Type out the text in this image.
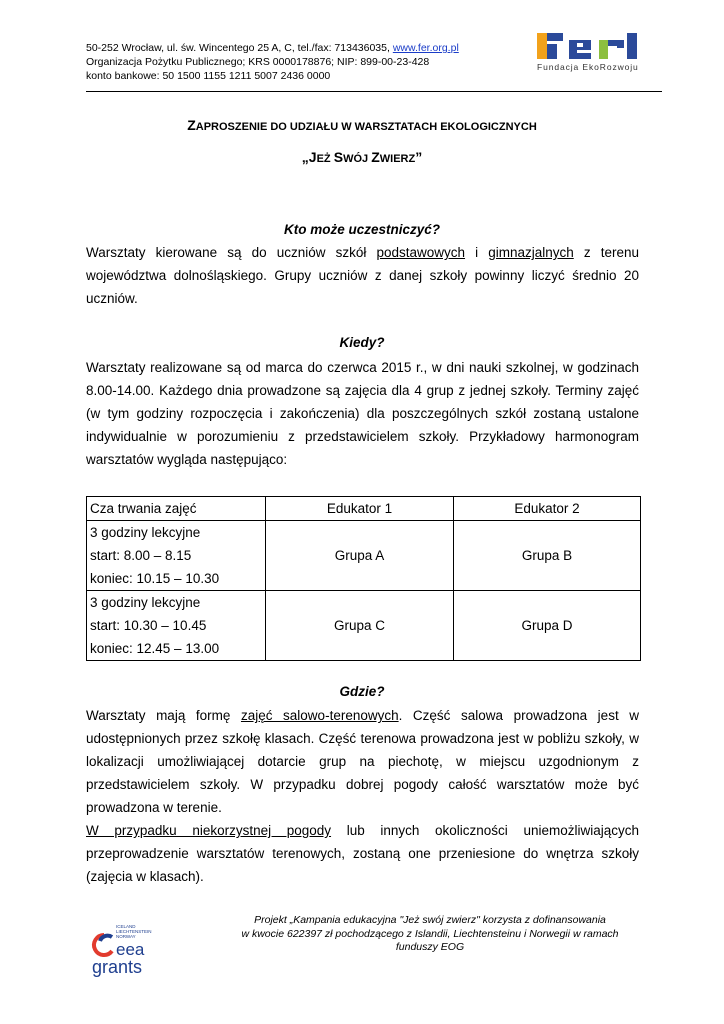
50-252 Wrocław, ul. św. Wincentego 25 A, C, tel./fax: 713436035, www.fer.org.pl
Organizacja Pożytku Publicznego; KRS 0000178876; NIP: 899-00-23-428
konto bankowe: 50 1500 1155 1211 5007 2436 0000
Fundacja EkoRozwoju
ZAPROSZENIE DO UDZIAŁU W WARSZTATACH EKOLOGICZNYCH
„JEŻ SWÓJ ZWIERZ”
Kto może uczestniczyć?
Warsztaty kierowane są do uczniów szkół podstawowych i gimnazjalnych z terenu
województwa dolnośląskiego. Grupy uczniów z danej szkoły powinny liczyć średnio 20
uczniów.
Kiedy?
Warsztaty realizowane są od marca do czerwca 2015 r., w dni nauki szkolnej, w godzinach
8.00-14.00. Każdego dnia prowadzone są zajęcia dla 4 grup z jednej szkoły. Terminy zajęć
(w tym godziny rozpoczęcia i zakończenia) dla poszczególnych szkół zostaną ustalone
indywidualnie w porozumieniu z przedstawicielem szkoły. Przykładowy harmonogram
warsztatów wygląda następująco:
Cza trwania zajęć	Edukator 1	Edukator 2

3 godziny lekcyjne
start: 8.00 – 8.15
koniec: 10.15 – 10.30	Grupa A	Grupa B

3 godziny lekcyjne
start: 10.30 – 10.45
koniec: 12.45 – 13.00	Grupa C	Grupa D
Gdzie?
Warsztaty mają formę zajęć salowo-terenowych. Część salowa prowadzona jest w
udostępnionych przez szkołę klasach. Część terenowa prowadzona jest w pobliżu szkoły, w
lokalizacji umożliwiającej dotarcie grup na piechotę, w miejscu uzgodnionym z
przedstawicielem szkoły. W przypadku dobrej pogody całość warsztatów może być
prowadzona w terenie.
W przypadku niekorzystnej pogody lub innych okoliczności uniemożliwiających
przeprowadzenie warsztatów terenowych, zostaną one przeniesione do wnętrza szkoły
(zajęcia w klasach).
ICELAND
LIECHTENSTEIN
NORWAY
eea
grants
Projekt „Kampania edukacyjna "Jeż swój zwierz" korzysta z dofinansowania
w kwocie 622397 zł pochodzącego z Islandii, Liechtensteinu i Norwegii w ramach
funduszy EOG
